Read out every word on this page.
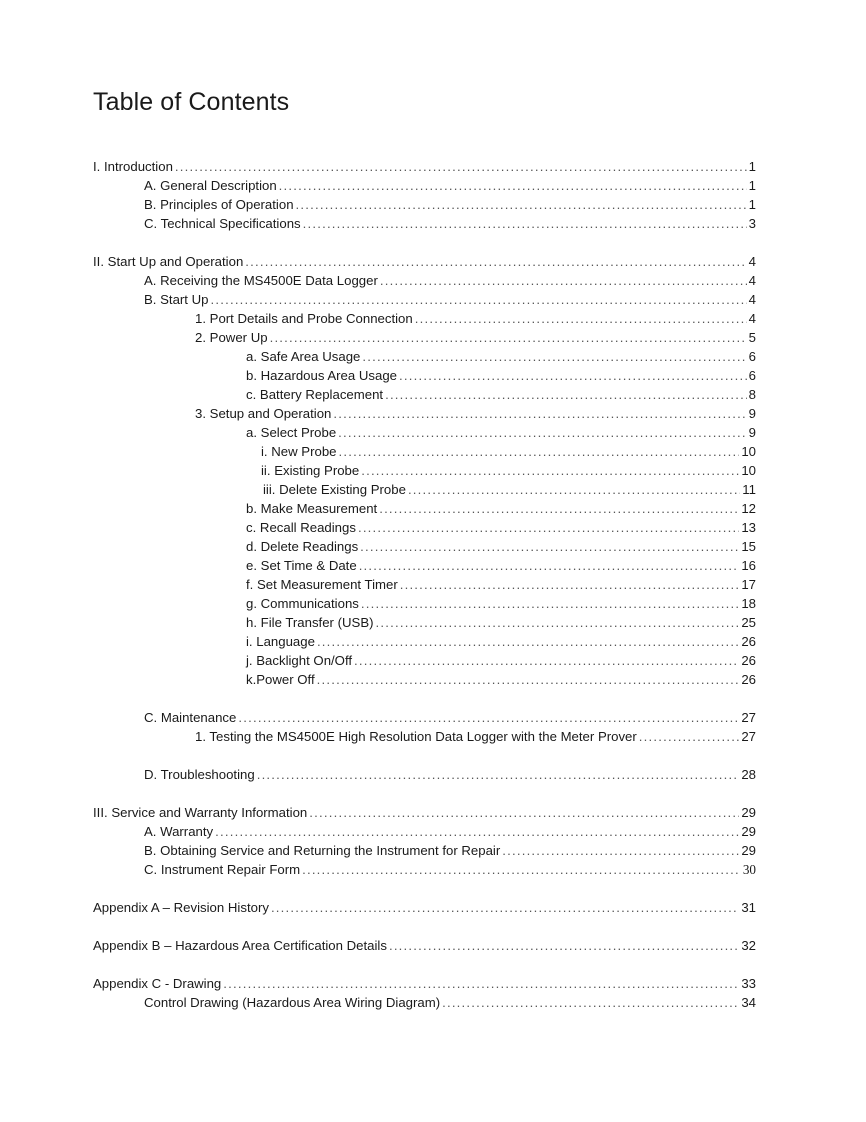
Table of Contents
I. Introduction .....	1
A. General Description .....	1
B. Principles of Operation .....	1
C. Technical Specifications .....	3
II. Start Up and Operation .....	4
A. Receiving the MS4500E Data Logger .....	4
B. Start Up .....	4
1. Port Details and Probe Connection .....	4
2. Power Up .....	5
a. Safe Area Usage .....	6
b. Hazardous Area Usage .....	6
c. Battery Replacement .....	8
3. Setup and Operation .....	9
a. Select Probe .....	9
i. New Probe .....	10
ii. Existing Probe .....	10
iii. Delete Existing Probe .....	11
b. Make Measurement .....	12
c. Recall Readings .....	13
d. Delete Readings .....	15
e. Set Time & Date .....	16
f. Set Measurement Timer .....	17
g. Communications .....	18
h. File Transfer (USB) .....	25
i. Language .....	26
j. Backlight On/Off .....	26
k.Power Off .....	26
C. Maintenance .....	27
1. Testing the MS4500E High Resolution Data Logger with the Meter Prover .....	27
D. Troubleshooting .....	28
III. Service and Warranty Information .....	29
A. Warranty .....	29
B. Obtaining Service and Returning the Instrument for Repair .....	29
C. Instrument Repair Form .....	30
Appendix A – Revision History .....	31
Appendix B – Hazardous Area Certification Details .....	32
Appendix C - Drawing .....	33
Control Drawing (Hazardous Area Wiring Diagram) .....	34
